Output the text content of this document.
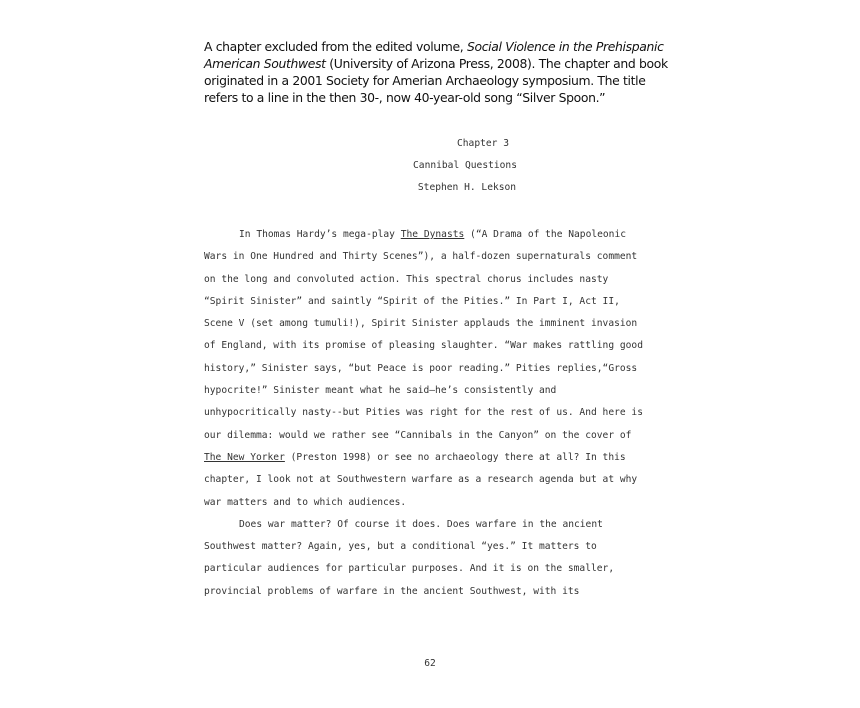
A chapter excluded from the edited volume, Social Violence in the Prehispanic American Southwest (University of Arizona Press, 2008). The chapter and book originated in a 2001 Society for Amerian Archaeology symposium. The title refers to a line in the then 30-, now 40-year-old song “Silver Spoon.”

Chapter 3

Cannibal Questions

Stephen H. Lekson

In Thomas Hardy’s mega-play The Dynasts (“A Drama of the Napoleonic
Wars in One Hundred and Thirty Scenes”), a half-dozen supernaturals comment
on the long and convoluted action. This spectral chorus includes nasty
“Spirit Sinister” and saintly “Spirit of the Pities.” In Part I, Act II,
Scene V (set among tumuli!), Spirit Sinister applauds the imminent invasion
of England, with its promise of pleasing slaughter. “War makes rattling good
history,” Sinister says, “but Peace is poor reading.” Pities replies,“Gross
hypocrite!” Sinister meant what he said—he’s consistently and
unhypocritically nasty--but Pities was right for the rest of us. And here is
our dilemma: would we rather see “Cannibals in the Canyon” on the cover of
The New Yorker (Preston 1998) or see no archaeology there at all? In this
chapter, I look not at Southwestern warfare as a research agenda but at why
war matters and to which audiences.
Does war matter? Of course it does. Does warfare in the ancient
Southwest matter? Again, yes, but a conditional “yes.” It matters to
particular audiences for particular purposes. And it is on the smaller,
provincial problems of warfare in the ancient Southwest, with its

62
